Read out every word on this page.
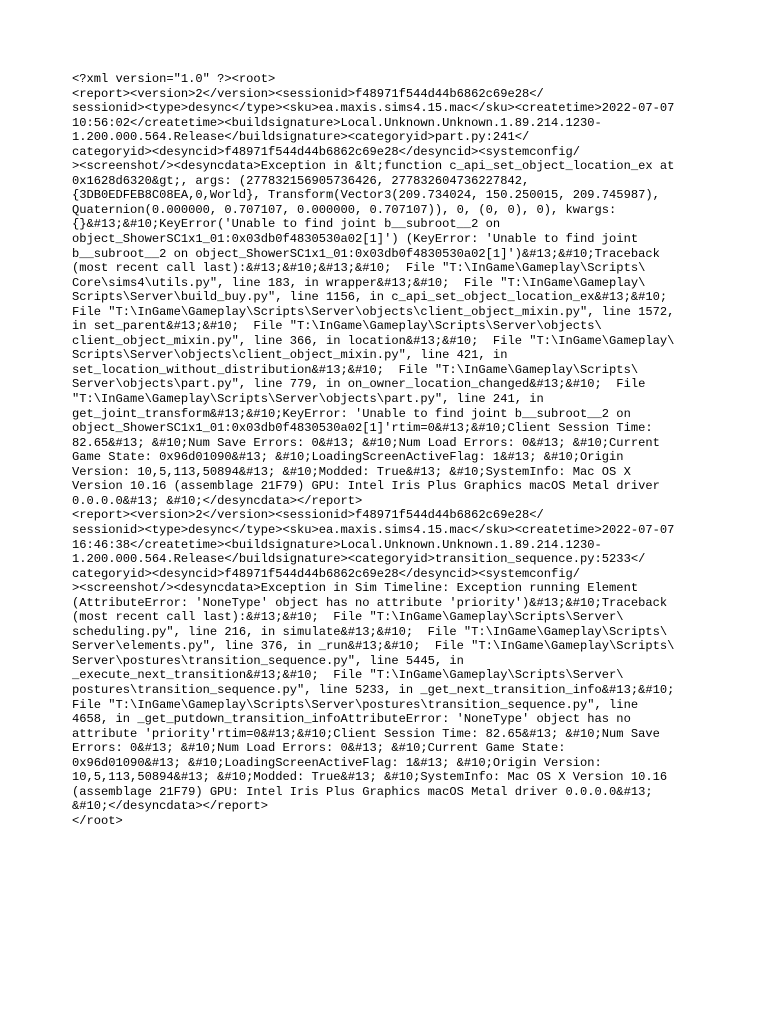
<?xml version="1.0" ?><root>
<report><version>2</version><sessionid>f48971f544d44b6862c69e28</
sessionid><type>desync</type><sku>ea.maxis.sims4.15.mac</sku><createtime>2022-07-07
10:56:02</createtime><buildsignature>Local.Unknown.Unknown.1.89.214.1230-
1.200.000.564.Release</buildsignature><categoryid>part.py:241</
categoryid><desyncid>f48971f544d44b6862c69e28</desyncid><systemconfig/
><screenshot/><desyncdata>Exception in &lt;function c_api_set_object_location_ex at
0x1628d6320&gt;, args: (277832156905736426, 277832604736227842,
{3DB0EDFEB8C08EA,0,World}, Transform(Vector3(209.734024, 150.250015, 209.745987),
Quaternion(0.000000, 0.707107, 0.000000, 0.707107)), 0, (0, 0), 0), kwargs:
{}&#13;&#10;KeyError('Unable to find joint b__subroot__2 on
object_ShowerSC1x1_01:0x03db0f4830530a02[1]') (KeyError: 'Unable to find joint
b__subroot__2 on object_ShowerSC1x1_01:0x03db0f4830530a02[1]')&#13;&#10;Traceback
(most recent call last):&#13;&#10;&#13;&#10;  File "T:\InGame\Gameplay\Scripts\
Core\sims4\utils.py", line 183, in wrapper&#13;&#10;  File "T:\InGame\Gameplay\
Scripts\Server\build_buy.py", line 1156, in c_api_set_object_location_ex&#13;&#10;
File "T:\InGame\Gameplay\Scripts\Server\objects\client_object_mixin.py", line 1572,
in set_parent&#13;&#10;  File "T:\InGame\Gameplay\Scripts\Server\objects\
client_object_mixin.py", line 366, in location&#13;&#10;  File "T:\InGame\Gameplay\
Scripts\Server\objects\client_object_mixin.py", line 421, in
set_location_without_distribution&#13;&#10;  File "T:\InGame\Gameplay\Scripts\
Server\objects\part.py", line 779, in on_owner_location_changed&#13;&#10;  File
"T:\InGame\Gameplay\Scripts\Server\objects\part.py", line 241, in
get_joint_transform&#13;&#10;KeyError: 'Unable to find joint b__subroot__2 on
object_ShowerSC1x1_01:0x03db0f4830530a02[1]'rtim=0&#13;&#10;Client Session Time:
82.65&#13; &#10;Num Save Errors: 0&#13; &#10;Num Load Errors: 0&#13; &#10;Current
Game State: 0x96d01090&#13; &#10;LoadingScreenActiveFlag: 1&#13; &#10;Origin
Version: 10,5,113,50894&#13; &#10;Modded: True&#13; &#10;SystemInfo: Mac OS X
Version 10.16 (assemblage 21F79) GPU: Intel Iris Plus Graphics macOS Metal driver
0.0.0.0&#13; &#10;</desyncdata></report>
<report><version>2</version><sessionid>f48971f544d44b6862c69e28</
sessionid><type>desync</type><sku>ea.maxis.sims4.15.mac</sku><createtime>2022-07-07
16:46:38</createtime><buildsignature>Local.Unknown.Unknown.1.89.214.1230-
1.200.000.564.Release</buildsignature><categoryid>transition_sequence.py:5233</
categoryid><desyncid>f48971f544d44b6862c69e28</desyncid><systemconfig/
><screenshot/><desyncdata>Exception in Sim Timeline: Exception running Element
(AttributeError: 'NoneType' object has no attribute 'priority')&#13;&#10;Traceback
(most recent call last):&#13;&#10;  File "T:\InGame\Gameplay\Scripts\Server\
scheduling.py", line 216, in simulate&#13;&#10;  File "T:\InGame\Gameplay\Scripts\
Server\elements.py", line 376, in _run&#13;&#10;  File "T:\InGame\Gameplay\Scripts\
Server\postures\transition_sequence.py", line 5445, in
_execute_next_transition&#13;&#10;  File "T:\InGame\Gameplay\Scripts\Server\
postures\transition_sequence.py", line 5233, in _get_next_transition_info&#13;&#10;
File "T:\InGame\Gameplay\Scripts\Server\postures\transition_sequence.py", line
4658, in _get_putdown_transition_infoAttributeError: 'NoneType' object has no
attribute 'priority'rtim=0&#13;&#10;Client Session Time: 82.65&#13; &#10;Num Save
Errors: 0&#13; &#10;Num Load Errors: 0&#13; &#10;Current Game State:
0x96d01090&#13; &#10;LoadingScreenActiveFlag: 1&#13; &#10;Origin Version:
10,5,113,50894&#13; &#10;Modded: True&#13; &#10;SystemInfo: Mac OS X Version 10.16
(assemblage 21F79) GPU: Intel Iris Plus Graphics macOS Metal driver 0.0.0.0&#13;
&#10;</desyncdata></report>
</root>
